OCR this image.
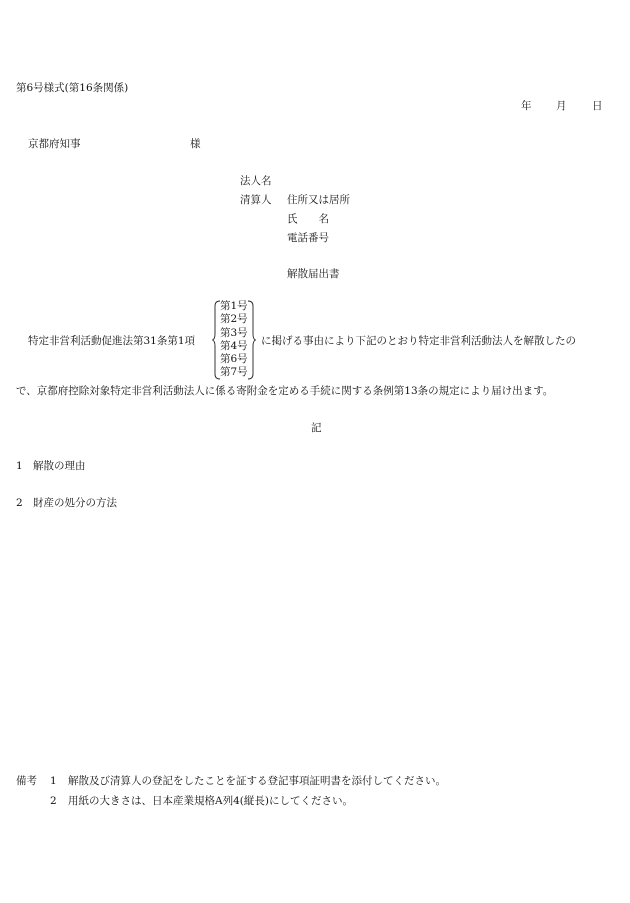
第6号様式(第16条関係)
年 月 日
京都府知事	様
法人名
清算人 住所又は居所
氏　　名
電話番号
解散届出書
特定非営利活動促進法第31条第1項
第1号
第2号
第3号
第4号
第6号
第7号
に掲げる事由により下記のとおり特定非営利活動法人を解散したの
で、京都府控除対象特定非営利活動法人に係る寄附金を定める手続に関する条例第13条の規定により届け出ます。
記
1 解散の理由
2 財産の処分の方法
備考 1 解散及び清算人の登記をしたことを証する登記事項証明書を添付してください。
2 用紙の大きさは、日本産業規格A列4(縦長)にしてください。
